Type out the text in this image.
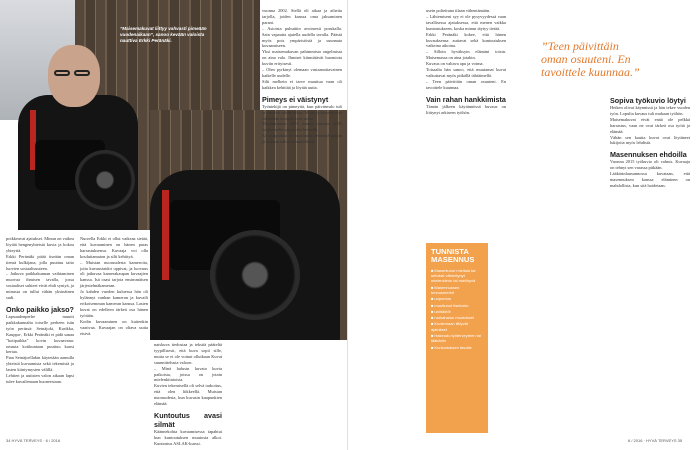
”Maisemakuvat liittyy vahvasti pimeään vuodenaikaan”, sanoo kevään valoista nauttiva Erkki Peränäki.

poikkeavat ajatukset. Minun on vaikea löytää hengenyhteistä kuvia ja kokoa yhteyttä.

Erkki Peränäki pitää itseään oman tiensä kulkijana, jolla puuttuu taito luovien sosiaalisuuteen.

– Jatkuva paikkakunnan vaihtaminen muovaa ihmisen tavalla, jossa sosiaaliset suhteet eivät ehdi syntyä, ja minusta on tullut vähän yksinäinen sudi.

Onko paikko jakso?

Lapsuudenperhe muutti paikkakunnalta toiselle perheen isän työn perässä: Seinäjoki, Kurikka, Kauppa-, Erkki Peränäki ei pidä sanaa ”kotipaikka” kovin kuvaavana: omasta kotikuntaan puuttuu kuusi kertaa.

Pian Seinäjoellakin käytetään aamulla yhteistä kuvaamista sekä tekemistä ja lasten kiintymysten välillä.

Lehtien ja uutisten valon aikaan lapsi tulee kuvailemaan huoneestaan.

Nuorella Erkki ei ollut vaikeaa sietää, että kuvaaminen on hänen paras harrastuksensa. Kuvaaja voi olla kouluttamaton ja silti kehittyä.

– Muistan nuoruudesta kameroita, joita kuvaustaidot oppivat, ja luovuus oli jatkuvaa kamerakaupan kuvaajien kanssa. Isä osasi tarjota ensimmäisen järjestelmäkameran.

Jo kahden vuoden kuluessa hän oli hylännyt vanhan kameran ja kuvaili erikoisemman kameran kanssa. Lasten kuvat on edelleen tärkeä osa hänen työtään.

Kodin kuvaaminen on kuitenkin vaativaa. Kuvaajan on oltava uutta etsivä.

naiskuva tiedostaa ja tekstiä pääteltä tyypillisesti, että kuva sopii sille, mutta se ei ole voinut ollutkaan Kuvat suunnittelusta valoon.

– Minä halusin kuvata kuvia paikoista, joissa on jotain mielenkiintoista.

Kuvien tekemisellä oli selvä tarkoitus, että olen liikkeellä. Muistan nuoruudesta, kun kuvasin kaupunkien elämää.

Kuntoutus avasi silmät

Käännekohta kuvaamisessa tapahtui kun kuntoutuksen muutosta alkoi. Kuntoutus ASLAK-kurssi.

vuonna 2002. Siellä oli aikaa ja aiheita tarjolla, joiden kanssa oma jaksaminen parani.

– Asioista puhuttiin avoimesti porukalla. Sain vapautta ajatella uudella tavalla. Päästä myös pois ympäristöstä ja suunnata kuvaamiseen.

Yksi maisemakuvan pahimmista ongelmista on aina valo. Ihmiset kiinnittävät huomiota kuviin erityisesti.

– Olen pyrkinyt olemaan vastaanottavainen kaikelle uudelle.

Silti melkein ei tarve muuttua vaan oli kaikkea kehittää ja löytää uutta.

Pimeys ei väistynyt

Työntekijä on pimeyttä, kun päivänvalo tuli ja muuttui vähän aikaa. Myös työtoverit ovat vähintään tuoneet lisää valoa.

Marraskuussa 2003 minua vuonna 2003 työskentelin pimeyden keskellä.

Kuvauspaikka on muuttunut entisestä paljon ja kuvaan valoa suunnitellusti.

34 HYVÄ TERVEYS · 6 / 2016

usein poltettuna tilaan vähentämään.

– Lähtemiseni syy ei ole pysyvyydessä vaan tavallisessa ajatuksessa, että menen vaikka kuntoutukseen, koska minun täytyy tietää.

Erkki Peränäki kokee, että hänen kuvauksensa auttavat sekä kuntoutuksen vaikeina aikoina.

– Silloin hyväksyin elämäni toisin. Maisemassa on aina jotakin.

Kuvaus on valtava apu ja voima.

Toisaalta hän sanoo, että muutamat kuvat vaikuttavat myös pitkällä tähtäimellä.

– Teen päivittäin oman osuuteni. En tavoittele kuunnaa.

Vain rahan hankkimista

Tämän jälkeen käytännössä kuvaus on liittynyt arkiseen työhön.

Sopiva työkuvio löytyi

Heiken olivat käynnissä ja hän tekee vuoden työn. Lopulta kuvaus tuli mukaan työhön.

Maisemakuvat eivät enää ole pelkkä harrastus, vaan ne ovat tärkeä osa työtä ja elämää.

Vähän sen kautta kuvat ovat löytäneet lukijoita myös lehdistä.

Masennuksen ehdoilla

Vuonna 2015 työkuvio oli valmis. Kuvaaja on tehnyt sen varassa pitkään.

Lääkärinlausunnossa kuvataan, että masennuksen kanssa eläminen on mahdollista, kun sitä hoidetaan.

6 / 2016 · HYVÄ TERVEYS 35
”Teen päivittäin oman osuuteni. En tavoittele kuunnaa.”
TUNNISTA MASENNUS
■Masentunut mieliala tai selvästi vähentynyt mielenkiinto tai mielihyvä
■Masennuksen tunnusmerkit
■uupumus
■muuttunut itsetunto
■unihäiriöt
■ruokahalun muutokset
■Kuolemaan liittyvät ajatukset
■Hakeudu työterveyteen tai lääkäriin
■Kuntoutuksen tavoite
